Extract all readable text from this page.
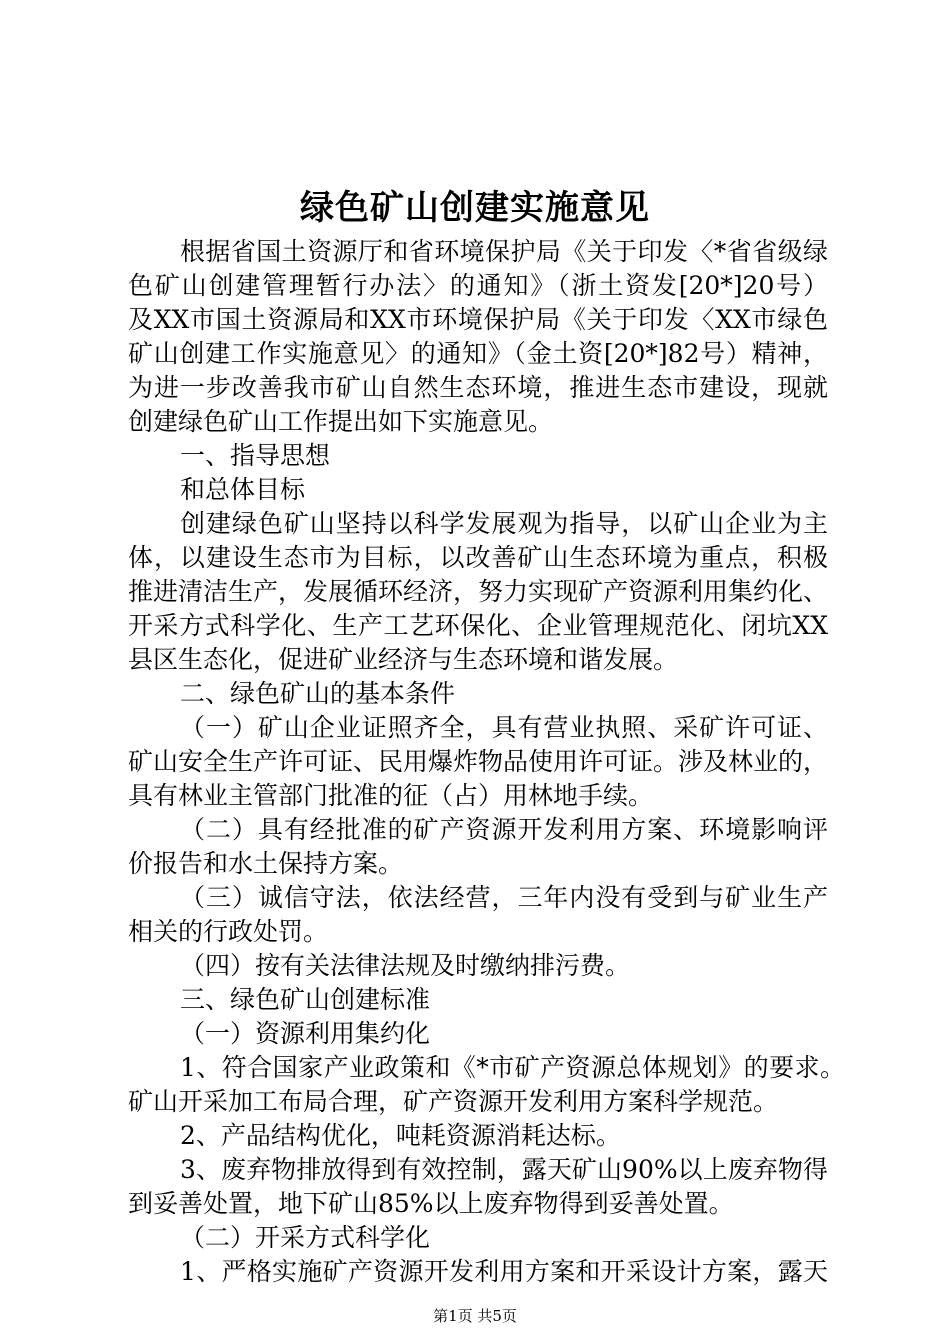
绿色矿山创建实施意见

根据省国土资源厅和省环境保护局《关于印发〈*省省级绿

色矿山创建管理暂行办法〉的通知》（浙土资发[20*]20号）

及XX市国土资源局和XX市环境保护局《关于印发〈XX市绿色

矿山创建工作实施意见〉的通知》（金土资[20*]82号）精神，

为进一步改善我市矿山自然生态环境，推进生态市建设，现就

创建绿色矿山工作提出如下实施意见。

一、指导思想

和总体目标

创建绿色矿山坚持以科学发展观为指导，以矿山企业为主

体，以建设生态市为目标，以改善矿山生态环境为重点，积极

推进清洁生产，发展循环经济，努力实现矿产资源利用集约化、

开采方式科学化、生产工艺环保化、企业管理规范化、闭坑XX

县区生态化，促进矿业经济与生态环境和谐发展。

二、绿色矿山的基本条件

（一）矿山企业证照齐全，具有营业执照、采矿许可证、

矿山安全生产许可证、民用爆炸物品使用许可证。涉及林业的，

具有林业主管部门批准的征（占）用林地手续。

（二）具有经批准的矿产资源开发利用方案、环境影响评

价报告和水土保持方案。

（三）诚信守法，依法经营，三年内没有受到与矿业生产

相关的行政处罚。

（四）按有关法律法规及时缴纳排污费。

三、绿色矿山创建标准

（一）资源利用集约化

1、符合国家产业政策和《*市矿产资源总体规划》的要求。

矿山开采加工布局合理，矿产资源开发利用方案科学规范。

2、产品结构优化，吨耗资源消耗达标。

3、废弃物排放得到有效控制，露天矿山90%以上废弃物得

到妥善处置，地下矿山85%以上废弃物得到妥善处置。

（二）开采方式科学化

1、严格实施矿产资源开发利用方案和开采设计方案，露天

第1页 共5页
